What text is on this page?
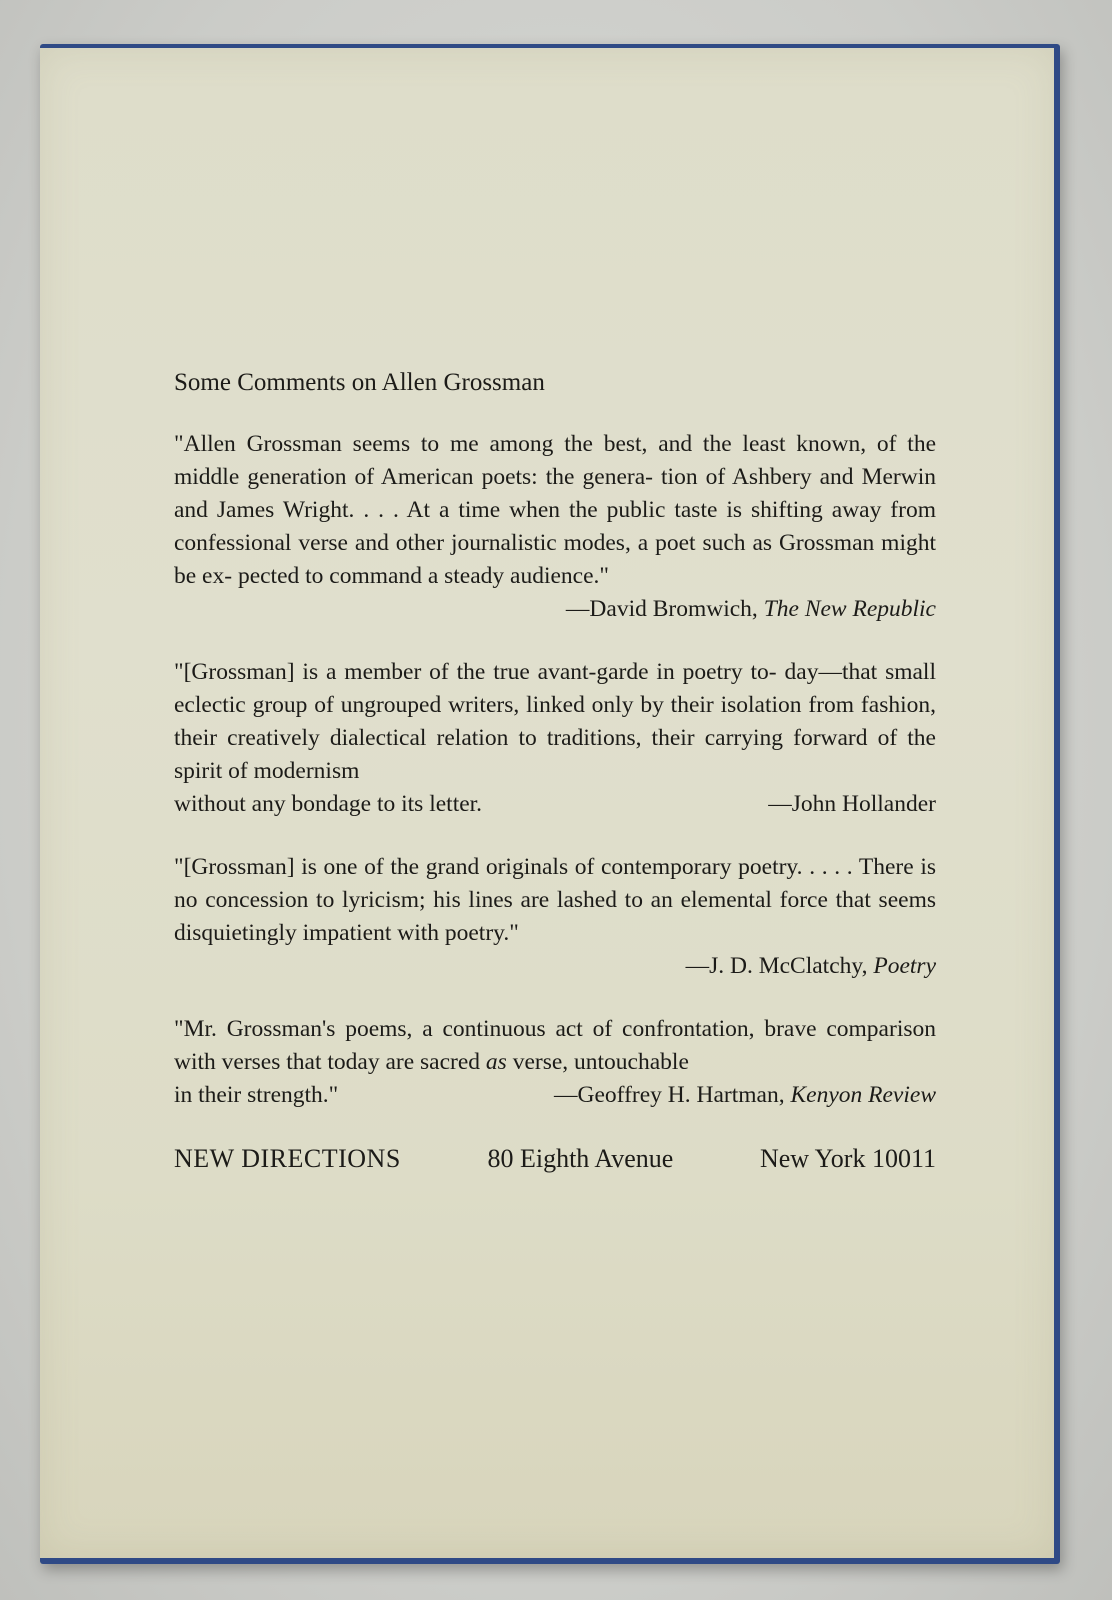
Some Comments on Allen Grossman

"Allen Grossman seems to me among the best, and the least known, of the middle generation of American poets: the genera- tion of Ashbery and Merwin and James Wright. . . . At a time when the public taste is shifting away from confessional verse and other journalistic modes, a poet such as Grossman might be ex- pected to command a steady audience."

—David Bromwich, The New Republic

"[Grossman] is a member of the true avant-garde in poetry to- day—that small eclectic group of ungrouped writers, linked only by their isolation from fashion, their creatively dialectical relation to traditions, their carrying forward of the spirit of modernism

without any bondage to its letter.	—John Hollander

"[Grossman] is one of the grand originals of contemporary poetry. . . . . There is no concession to lyricism; his lines are lashed to an elemental force that seems disquietingly impatient with poetry."

—J. D. McClatchy, Poetry

"Mr. Grossman's poems, a continuous act of confrontation, brave comparison with verses that today are sacred as verse, untouchable

in their strength."	—Geoffrey H. Hartman, Kenyon Review
NEW DIRECTIONS	80 Eighth Avenue	New York 10011
